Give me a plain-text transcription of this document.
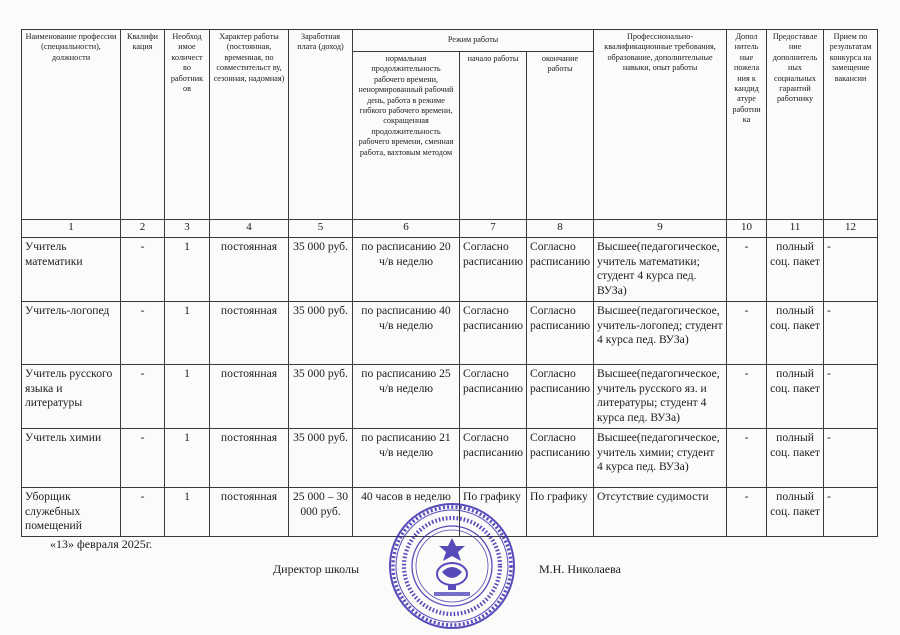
Наименование профессии (специальности), должности	Квалифи кация	Необход имое количест во работник ов	Характер работы (постоянная, временная, по совместительст ву, сезонная, надомная)	Заработная плата (доход)	Режим работы			Профессионально-квалификационные требования, образование, дополнительные навыки, опыт работы	Допол нитель ные пожела ния к кандид атуре работни ка	Предоставле ние дополнитель ных социальных гарантий работнику	Прием по результатам конкурса на замещение вакансии
					нормальная продолжительность рабочего времени, ненормированный рабочий день, работа в режиме гибкого рабочего времени, сокращенная продолжительность рабочего времени, сменная работа, вахтовым методом	начало работы	окончание работы				
1	2	3	4	5	6	7	8	9	10	11	12
Учитель математики	-	1	постоянная	35 000 руб.	по расписанию 20 ч/в неделю	Согласно расписанию	Согласно расписанию	Высшее(педагогическое, учитель математики; студент 4 курса пед. ВУЗа)	-	полный соц. пакет	-
Учитель-логопед	-	1	постоянная	35 000 руб.	по расписанию 40 ч/в неделю	Согласно расписанию	Согласно расписанию	Высшее(педагогическое, учитель-логопед; студент 4 курса пед. ВУЗа)	-	полный соц. пакет	-
Учитель русского языка и литературы	-	1	постоянная	35 000 руб.	по расписанию 25 ч/в неделю	Согласно расписанию	Согласно расписанию	Высшее(педагогическое, учитель русского яз. и литературы; студент 4 курса пед. ВУЗа)	-	полный соц. пакет	-
Учитель химии	-	1	постоянная	35 000 руб.	по расписанию 21 ч/в неделю	Согласно расписанию	Согласно расписанию	Высшее(педагогическое, учитель химии; студент 4 курса пед. ВУЗа)	-	полный соц. пакет	-
Уборщик служебных помещений	-	1	постоянная	25 000 – 30 000 руб.	40 часов в неделю	По графику	По графику	Отсутствие судимости	-	полный соц. пакет	-
«13» февраля 2025г.
Директор школы	М.Н. Николаева
